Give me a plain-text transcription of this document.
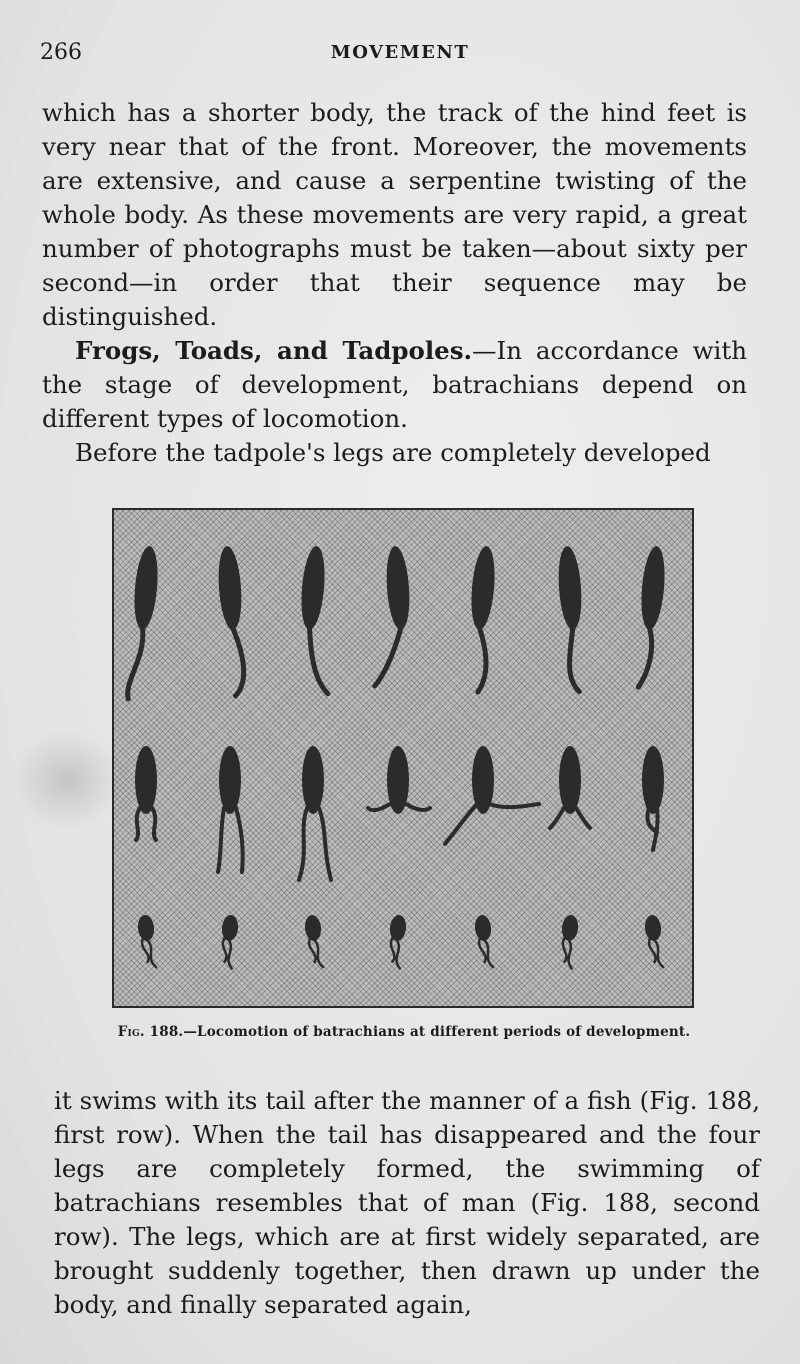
266	MOVEMENT

which has a shorter body, the track of the hind feet is very near that of the front. Moreover, the movements are extensive, and cause a serpentine twisting of the whole body. As these movements are very rapid, a great number of photographs must be taken—about sixty per second—in order that their sequence may be distinguished.

Frogs, Toads, and Tadpoles.—In accordance with the stage of development, batrachians depend on different types of locomotion.

Before the tadpole's legs are completely developed

Fig. 188.—Locomotion of batrachians at different periods of development.

it swims with its tail after the manner of a fish (Fig. 188, first row). When the tail has disappeared and the four legs are completely formed, the swimming of batrachians resembles that of man (Fig. 188, second row). The legs, which are at first widely separated, are brought suddenly together, then drawn up under the body, and finally separated again,
